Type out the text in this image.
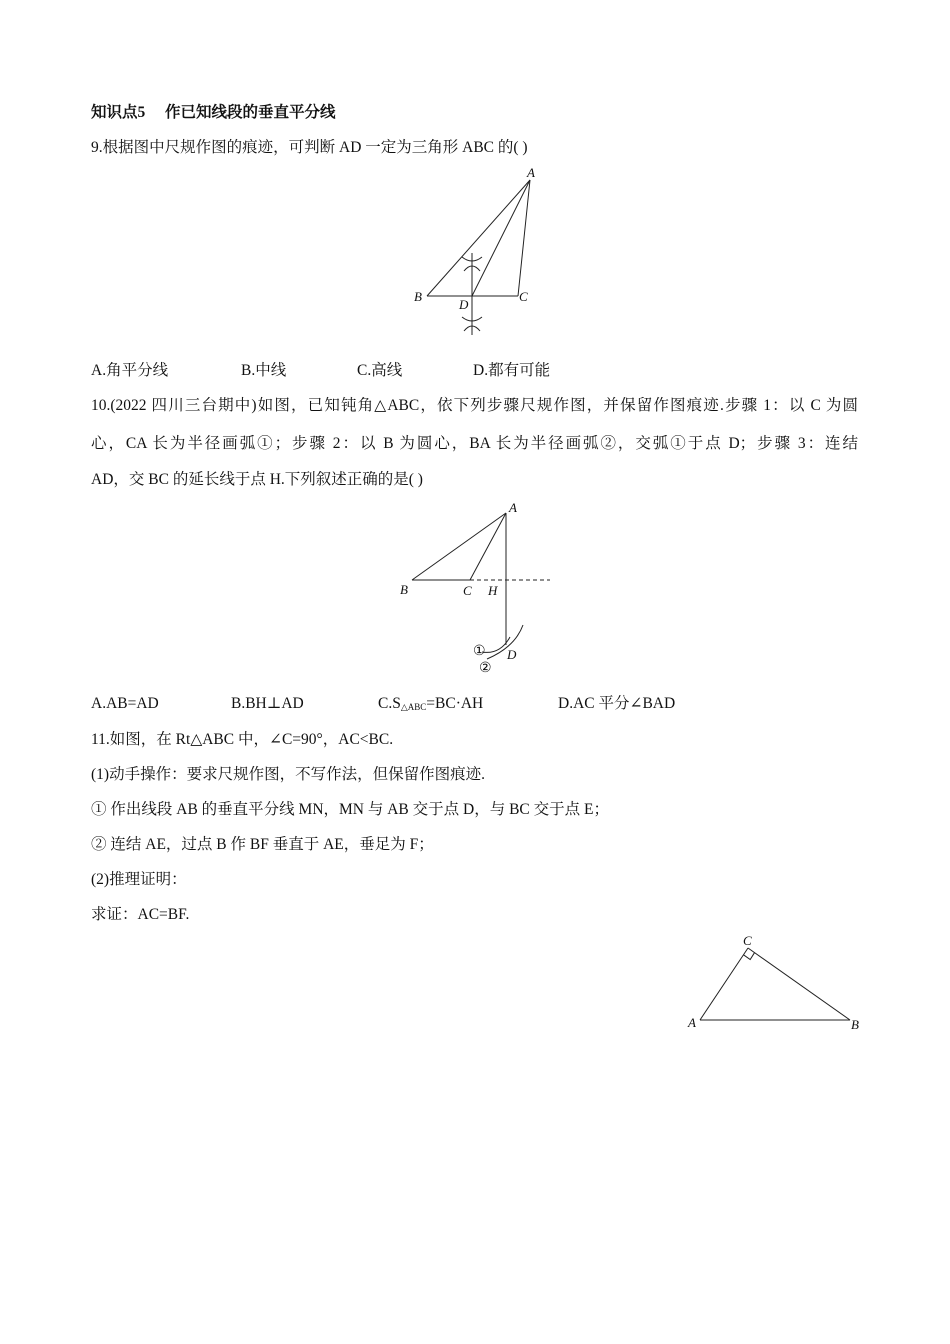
知识点5 作已知线段的垂直平分线
9.根据图中尺规作图的痕迹，可判断 AD 一定为三角形 ABC 的( )
A
B	C
D
A.角平分线	B.中线	C.高线	D.都有可能
10.(2022 四川三台期中)如图，已知钝角△ABC，依下列步骤尺规作图，并保留作图痕迹.步骤 1：以 C 为圆
心，CA 长为半径画弧①；步骤 2：以 B 为圆心，BA 长为半径画弧②，交弧①于点 D；步骤 3：连结
AD，交 BC 的延长线于点 H.下列叙述正确的是( )
A
B	C H
D
①
②
A.AB=AD	B.BH⊥AD	$C.S_{\triangle ABC}=BC\cdot AH$	D.AC 平分∠BAD
11.如图，在 Rt△ABC 中，∠C=90°，AC<BC.
(1)动手操作：要求尺规作图，不写作法，但保留作图痕迹.
① 作出线段 AB 的垂直平分线 MN，MN 与 AB 交于点 D，与 BC 交于点 E；
② 连结 AE，过点 B 作 BF 垂直于 AE，垂足为 F；
(2)推理证明：
求证：AC=BF.
C
A	B
